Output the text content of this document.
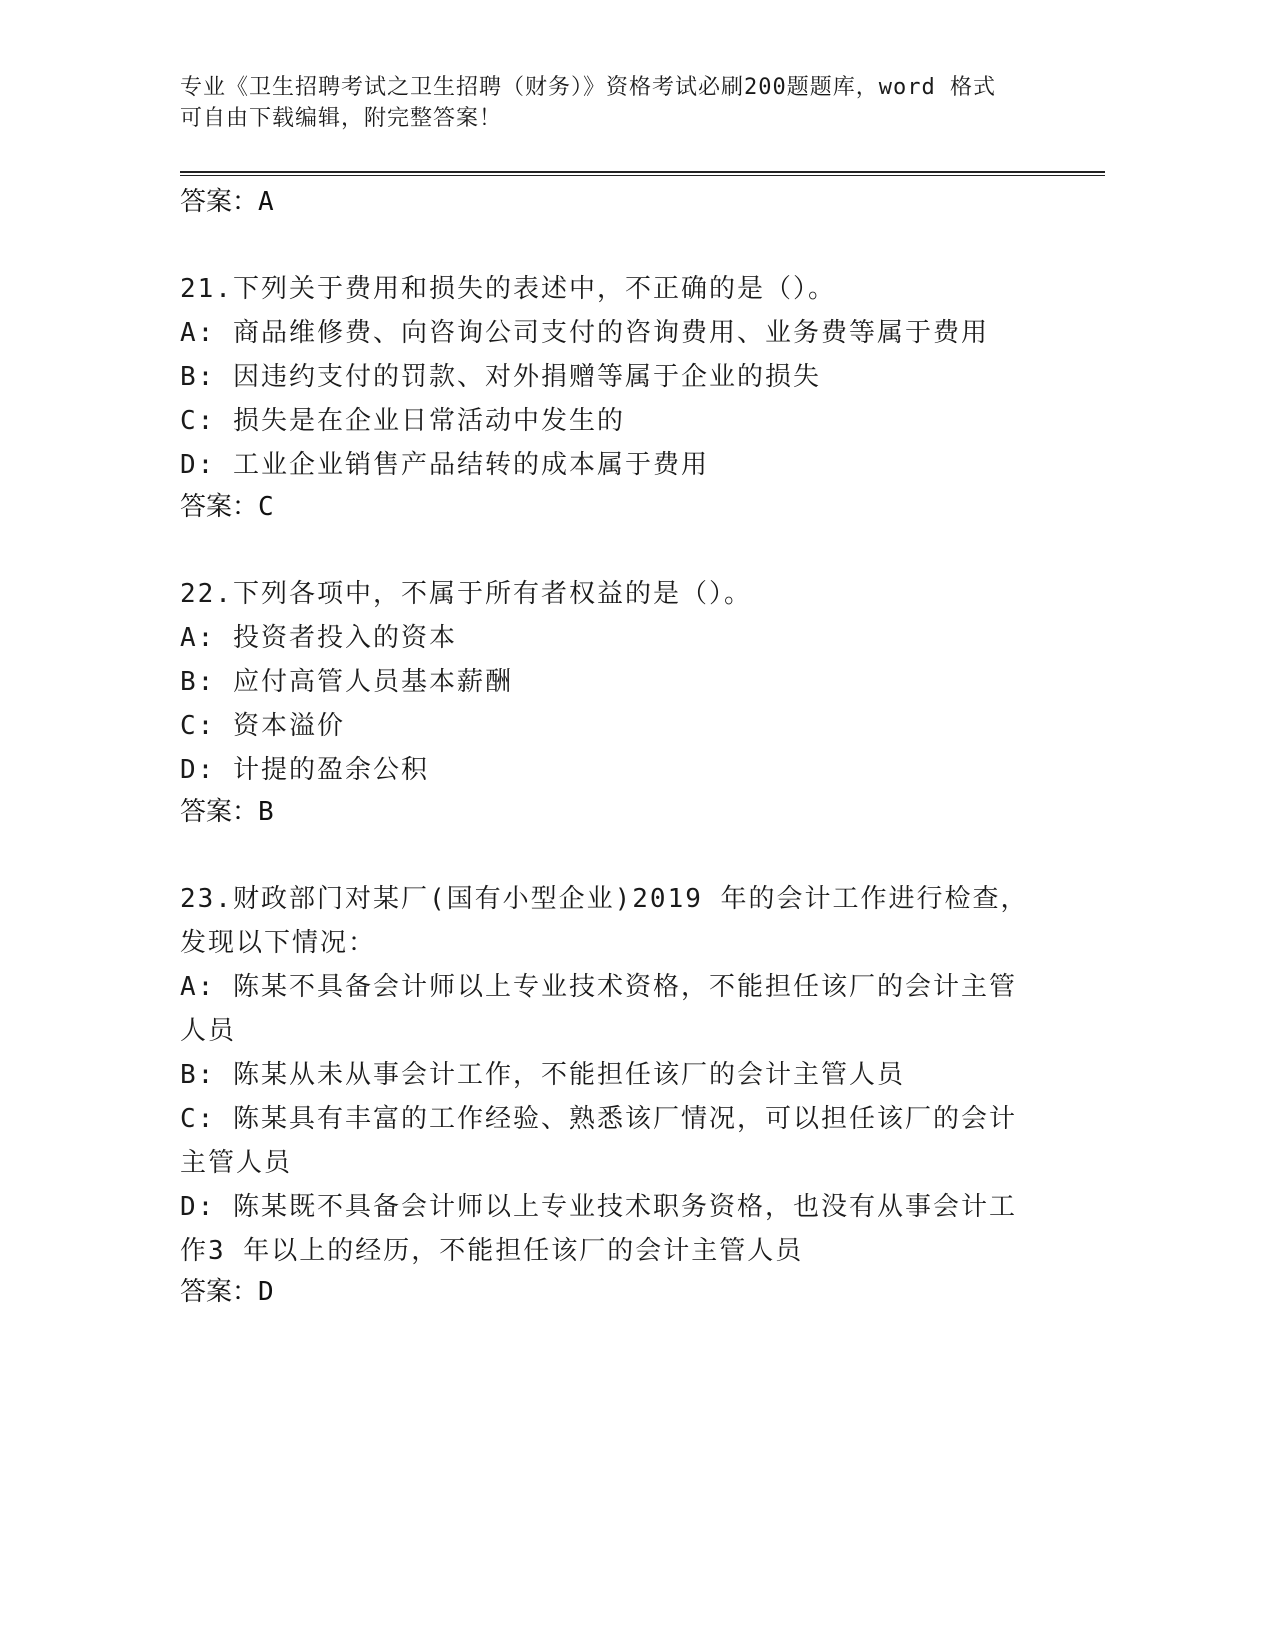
专业《卫生招聘考试之卫生招聘（财务）》资格考试必刷200题题库，word 格式
可自由下载编辑，附完整答案！
答案：A
21.下列关于费用和损失的表述中，不正确的是（）。
A: 商品维修费、向咨询公司支付的咨询费用、业务费等属于费用
B: 因违约支付的罚款、对外捐赠等属于企业的损失
C: 损失是在企业日常活动中发生的
D: 工业企业销售产品结转的成本属于费用
答案：C
22.下列各项中，不属于所有者权益的是（）。
A: 投资者投入的资本
B: 应付高管人员基本薪酬
C: 资本溢价
D: 计提的盈余公积
答案：B
23.财政部门对某厂(国有小型企业)2019 年的会计工作进行检查，发现以下情况：
A: 陈某不具备会计师以上专业技术资格，不能担任该厂的会计主管人员
B: 陈某从未从事会计工作，不能担任该厂的会计主管人员
C: 陈某具有丰富的工作经验、熟悉该厂情况，可以担任该厂的会计主管人员
D: 陈某既不具备会计师以上专业技术职务资格，也没有从事会计工作3 年以上的经历，不能担任该厂的会计主管人员
答案：D
